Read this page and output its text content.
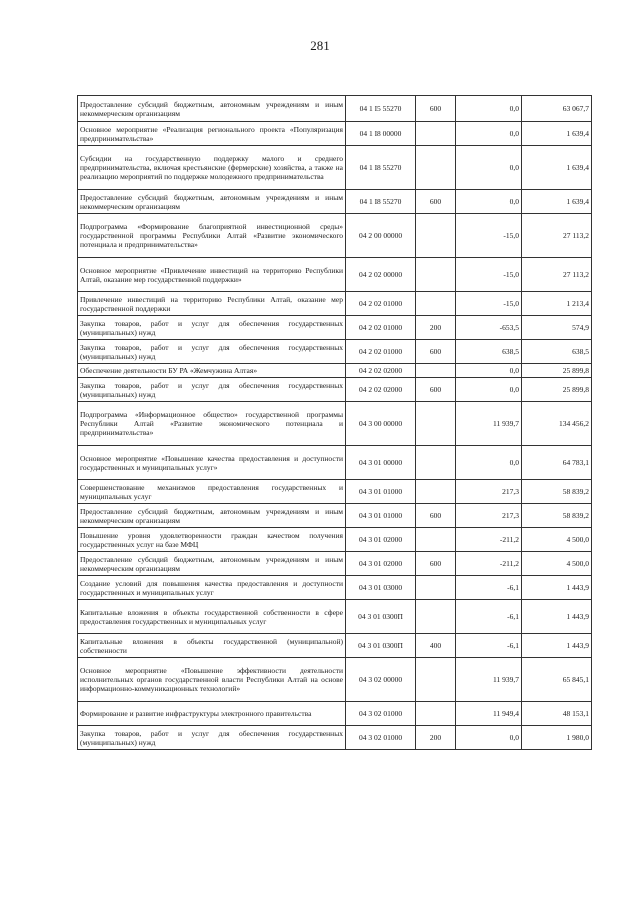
281
Предоставление субсидий бюджетным, автономным учреждениям и иным некоммерческим организациям	04 1 I5 55270	600	0,0	63 067,7
Основное мероприятие «Реализация регионального проекта «Популяризация предпринимательства»	04 1 I8 00000		0,0	1 639,4
Субсидии на государственную поддержку малого и среднего предпринимательства, включая крестьянские (фермерские) хозяйства, а также на реализацию мероприятий по поддержке молодежного предпринимательства	04 1 I8 55270		0,0	1 639,4
Предоставление субсидий бюджетным, автономным учреждениям и иным некоммерческим организациям	04 1 I8 55270	600	0,0	1 639,4
Подпрограмма «Формирование благоприятной инвестиционной среды» государственной программы Республики Алтай «Развитие экономического потенциала и предпринимательства»	04 2 00 00000		-15,0	27 113,2
Основное мероприятие «Привлечение инвестиций на территорию Республики Алтай, оказание мер государственной поддержки»	04 2 02 00000		-15,0	27 113,2
Привлечение инвестиций на территорию Республики Алтай, оказание мер государственной поддержки	04 2 02 01000		-15,0	1 213,4
Закупка товаров, работ и услуг для обеспечения государственных (муниципальных) нужд	04 2 02 01000	200	-653,5	574,9
Закупка товаров, работ и услуг для обеспечения государственных (муниципальных) нужд	04 2 02 01000	600	638,5	638,5
Обеспечение деятельности БУ РА «Жемчужина Алтая»	04 2 02 02000		0,0	25 899,8
Закупка товаров, работ и услуг для обеспечения государственных (муниципальных) нужд	04 2 02 02000	600	0,0	25 899,8
Подпрограмма «Информационное общество» государственной программы Республики Алтай «Развитие экономического потенциала и предпринимательства»	04 3 00 00000		11 939,7	134 456,2
Основное мероприятие «Повышение качества предоставления и доступности государственных и муниципальных услуг»	04 3 01 00000		0,0	64 783,1
Совершенствование механизмов предоставления государственных и муниципальных услуг	04 3 01 01000		217,3	58 839,2
Предоставление субсидий бюджетным, автономным учреждениям и иным некоммерческим организациям	04 3 01 01000	600	217,3	58 839,2
Повышение уровня удовлетворенности граждан качеством получения государственных услуг на базе МФЦ	04 3 01 02000		-211,2	4 500,0
Предоставление субсидий бюджетным, автономным учреждениям и иным некоммерческим организациям	04 3 01 02000	600	-211,2	4 500,0
Создание условий для повышения качества предоставления и доступности государственных и муниципальных услуг	04 3 01 03000		-6,1	1 443,9
Капитальные вложения в объекты государственной собственности в сфере предоставления государственных и муниципальных услуг	04 3 01 0300П		-6,1	1 443,9
Капитальные вложения в объекты государственной (муниципальной) собственности	04 3 01 0300П	400	-6,1	1 443,9
Основное мероприятие «Повышение эффективности деятельности исполнительных органов государственной власти Республики Алтай на основе информационно-коммуникационных технологий»	04 3 02 00000		11 939,7	65 845,1
Формирование и развитие инфраструктуры электронного правительства	04 3 02 01000		11 949,4	48 153,1
Закупка товаров, работ и услуг для обеспечения государственных (муниципальных) нужд	04 3 02 01000	200	0,0	1 980,0
